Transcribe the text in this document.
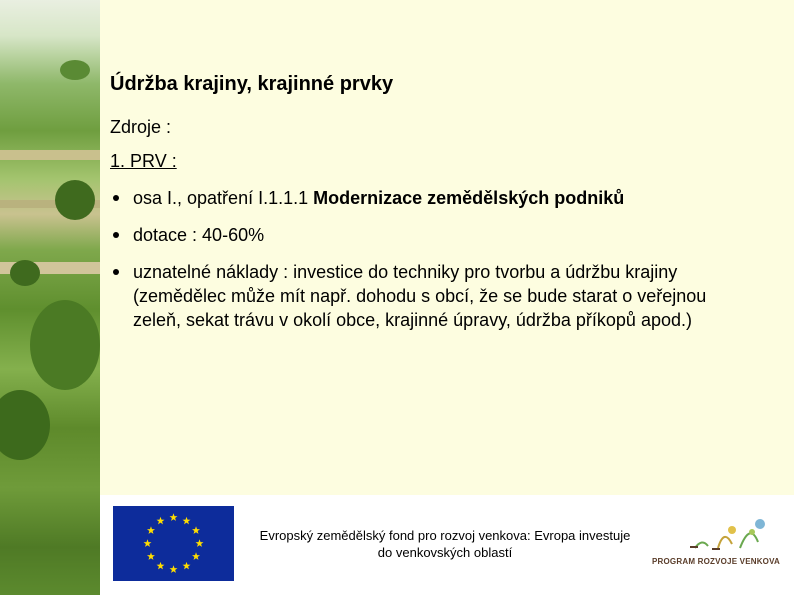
Údržba krajiny, krajinné prvky
Zdroje :
1. PRV :
osa I., opatření I.1.1.1 Modernizace zemědělských podniků
dotace : 40-60%
uznatelné náklady : investice do techniky pro tvorbu a údržbu krajiny (zemědělec může mít např. dohodu s obcí, že se bude starat o veřejnou zeleň, sekat trávu v okolí obce, krajinné úpravy, údržba příkopů apod.)
Evropský zemědělský fond pro rozvoj venkova: Evropa investuje do venkovských oblastí
PROGRAM ROZVOJE VENKOVA
